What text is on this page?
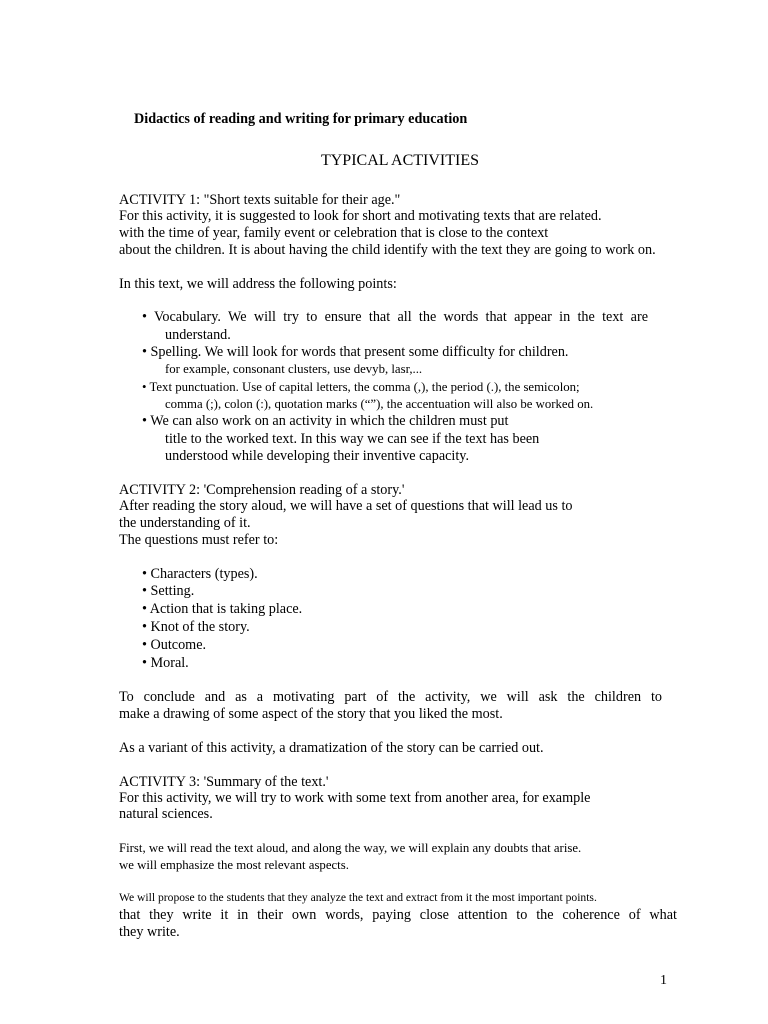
Didactics of reading and writing for primary education
TYPICAL ACTIVITIES
ACTIVITY 1: "Short texts suitable for their age."
For this activity, it is suggested to look for short and motivating texts that are related.
with the time of year, family event or celebration that is close to the context
about the children. It is about having the child identify with the text they are going to work on.
In this text, we will address the following points:
• Vocabulary. We will try to ensure that all the words that appear in the text are
understand.
• Spelling. We will look for words that present some difficulty for children.
for example, consonant clusters, use devyb, lasr,...
• Text punctuation. Use of capital letters, the comma (,), the period (.), the semicolon;
comma (;), colon (:), quotation marks (“”), the accentuation will also be worked on.
• We can also work on an activity in which the children must put
title to the worked text. In this way we can see if the text has been
understood while developing their inventive capacity.
ACTIVITY 2: 'Comprehension reading of a story.'
After reading the story aloud, we will have a set of questions that will lead us to
the understanding of it.
The questions must refer to:
• Characters (types).
• Setting.
• Action that is taking place.
• Knot of the story.
• Outcome.
• Moral.
To conclude and as a motivating part of the activity, we will ask the children to
make a drawing of some aspect of the story that you liked the most.
As a variant of this activity, a dramatization of the story can be carried out.
ACTIVITY 3: 'Summary of the text.'
For this activity, we will try to work with some text from another area, for example
natural sciences.
First, we will read the text aloud, and along the way, we will explain any doubts that arise.
we will emphasize the most relevant aspects.
We will propose to the students that they analyze the text and extract from it the most important points.
that they write it in their own words, paying close attention to the coherence of what
they write.
1
